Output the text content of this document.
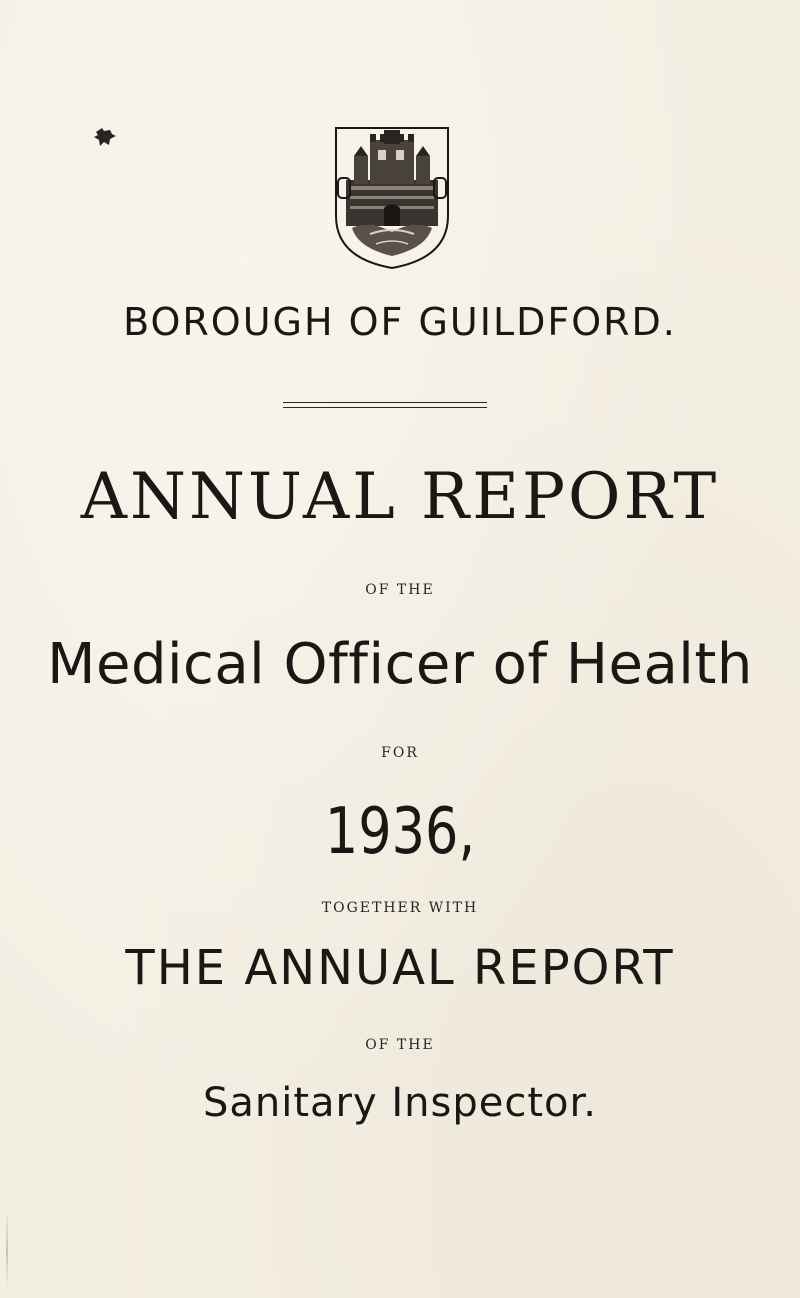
BOROUGH OF GUILDFORD.
ANNUAL REPORT
OF THE
Medical Officer of Health
FOR
1936,
TOGETHER WITH
THE ANNUAL REPORT
OF THE
Sanitary Inspector.
